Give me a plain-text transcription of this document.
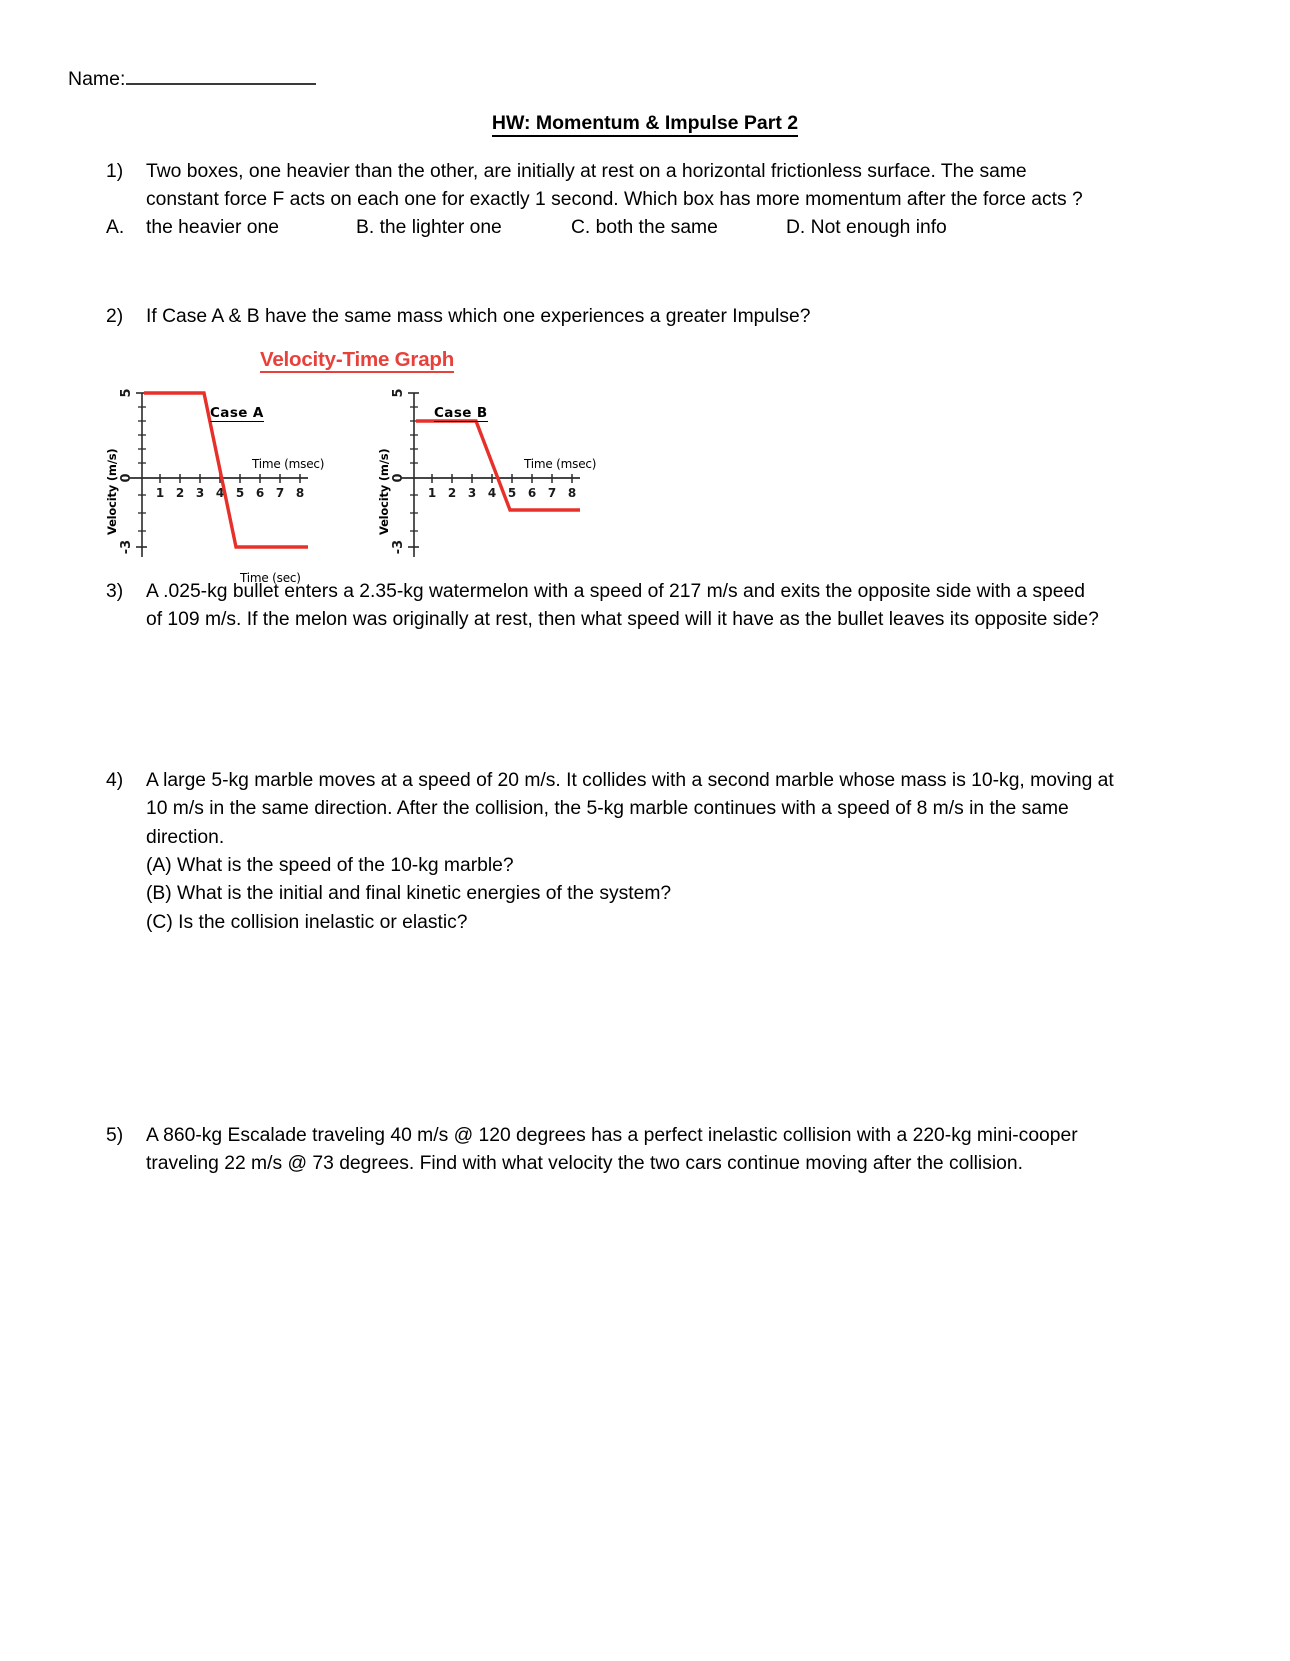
Name:
HW: Momentum & Impulse Part 2
1)	Two boxes, one heavier than the other, are initially at rest on a horizontal frictionless surface. The same
constant force F acts on each one for exactly 1 second. Which box has more momentum after the force acts ?
A.	the heavier one	B. the lighter one	C. both the same	D. Not enough info
2)	If Case A & B have the same mass which one experiences a greater Impulse?
Velocity-Time Graph
Case A
Velocity (m/s)	Time (msec)
1 2 3 4 5 6 7 8
5
0
-3
Time (sec)
Case B
Velocity (m/s)	Time (msec)
1 2 3 4 5 6 7 8
5
0
-3
3)	A .025-kg bullet enters a 2.35-kg watermelon with a speed of 217 m/s and exits the opposite side with a speed
of 109 m/s. If the melon was originally at rest, then what speed will it have as the bullet leaves its opposite side?
4)	A large 5-kg marble moves at a speed of 20 m/s. It collides with a second marble whose mass is 10-kg, moving at
10 m/s in the same direction. After the collision, the 5-kg marble continues with a speed of 8 m/s in the same
direction.
(A) What is the speed of the 10-kg marble?
(B) What is the initial and final kinetic energies of the system?
(C) Is the collision inelastic or elastic?
5)	A 860-kg Escalade traveling 40 m/s @ 120 degrees has a perfect inelastic collision with a 220-kg mini-cooper
traveling 22 m/s @ 73 degrees. Find with what velocity the two cars continue moving after the collision.
